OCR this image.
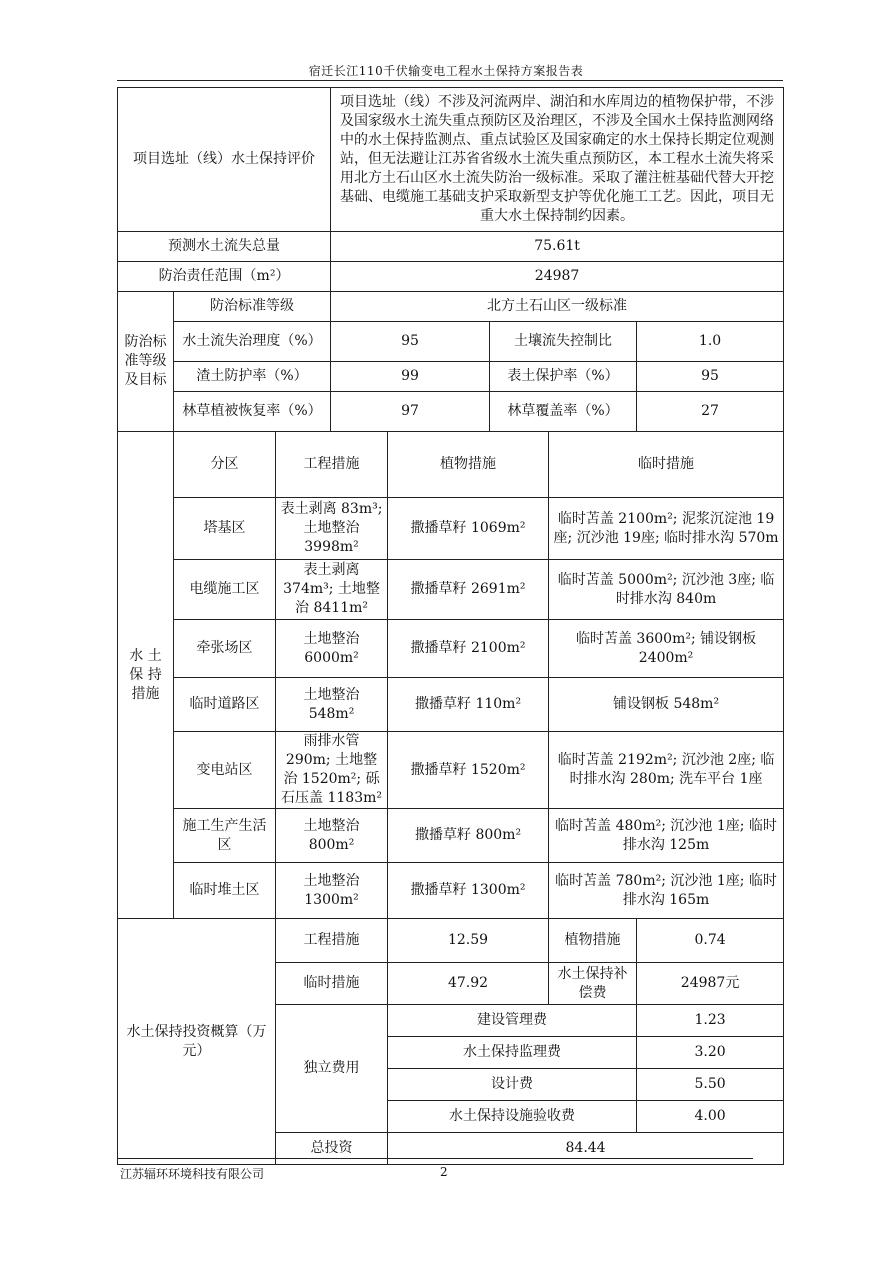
宿迁长江110千伏输变电工程水土保持方案报告表
项目选址（线）水土保持评价			项目选址（线）不涉及河流两岸、湖泊和水库周边的植物保护带，不涉及国家级水土流失重点预防区及治理区，不涉及全国水土保持监测网络中的水土保持监测点、重点试验区及国家确定的水土保持长期定位观测站，但无法避让江苏省省级水土流失重点预防区，本工程水土流失将采用北方土石山区水土流失防治一级标准。采取了灌注桩基础代替大开挖基础、电缆施工基础支护采取新型支护等优化施工工艺。因此，项目无重大水土保持制约因素。				
预测水土流失总量			75.61t				
防治责任范围（m²）			24987				
防治标准等级及目标	防治标准等级		北方土石山区一级标准				
	水土流失治理度（%）		95		土壤流失控制比		1.0
	渣土防护率（%）		99		表土保护率（%）		95
	林草植被恢复率（%）		97		林草覆盖率（%）		27
水 土 保 持 措施	分区	工程措施		植物措施		临时措施	
	塔基区	表土剥离 83m³; 土地整治 3998m²		撒播草籽 1069m²		临时苫盖 2100m²; 泥浆沉淀池 19座; 沉沙池 19座; 临时排水沟 570m	
	电缆施工区	表土剥离 374m³; 土地整治 8411m²		撒播草籽 2691m²		临时苫盖 5000m²; 沉沙池 3座; 临时排水沟 840m	
	牵张场区	土地整治 6000m²		撒播草籽 2100m²		临时苫盖 3600m²; 铺设钢板 2400m²	
	临时道路区	土地整治 548m²		撒播草籽 110m²		铺设钢板 548m²	
	变电站区	雨排水管 290m; 土地整治 1520m²; 砾石压盖 1183m²		撒播草籽 1520m²		临时苫盖 2192m²; 沉沙池 2座; 临时排水沟 280m; 洗车平台 1座	
	施工生产生活区	土地整治 800m²		撒播草籽 800m²		临时苫盖 480m²; 沉沙池 1座; 临时排水沟 125m	
	临时堆土区	土地整治 1300m²		撒播草籽 1300m²		临时苫盖 780m²; 沉沙池 1座; 临时排水沟 165m	
水土保持投资概算（万元）		工程措施		12.59		植物措施	0.74
		临时措施		47.92		水土保持补偿费	24987元
		独立费用		建设管理费			1.23
				水土保持监理费			3.20
				设计费			5.50
				水土保持设施验收费			4.00
		总投资		84.44			
江苏辐环环境科技有限公司	2
